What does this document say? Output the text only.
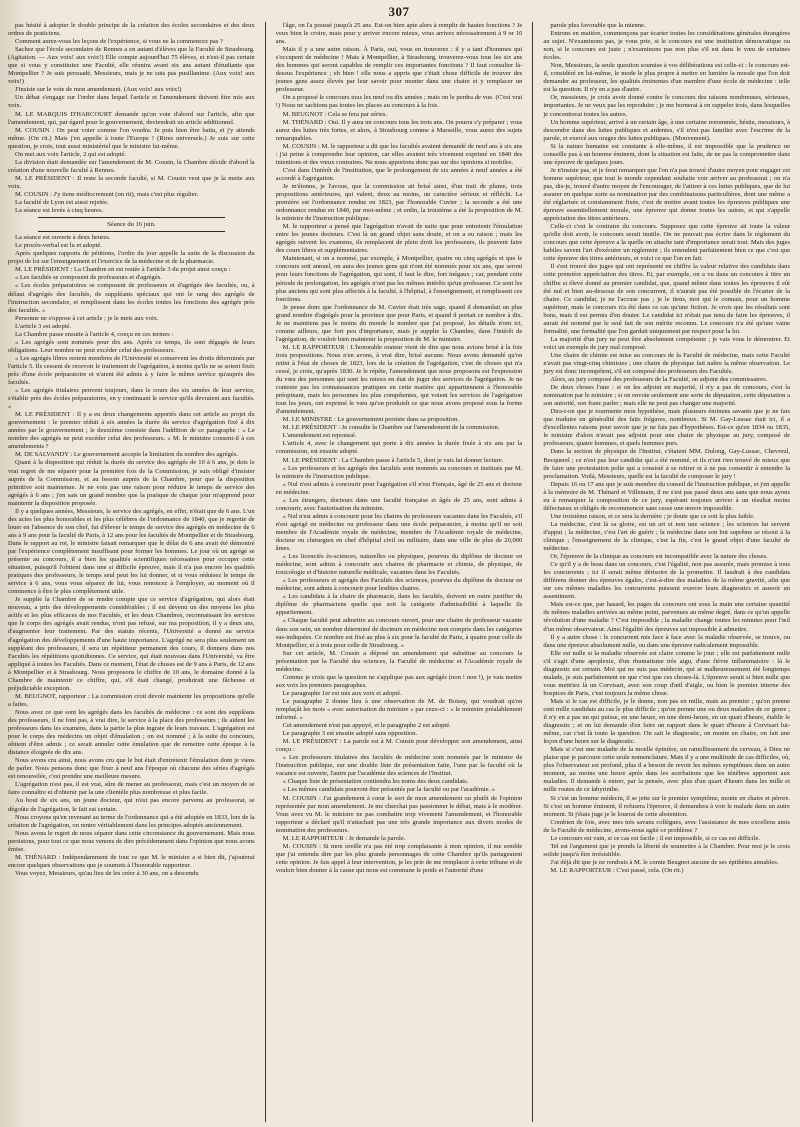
307

pas hésité à adopter le double principe de la création des écoles secondaires et des deux ordres de praticiens.

Comment aurez-vous les leçons de l'expérience, si vous ne la commencez pas ?

Sachez que l'école secondaire de Rennes a en autant d'élèves que la Faculté de Strasbourg. (Agitation. — Aux voix! aux voix!) Elle compte aujourd'hui 75 élèves, et n'est-il pas certain que si vous y constituiez une Faculté, elle réunira avant six ans autant d'étudiants que Montpellier ? Je suis persuadé, Messieurs, mais je ne suis pas pusillanime. (Aux voix! aux voix!)

J'insiste sur le vote de mon amendement. (Aux voix! aux voix!)

Un débat s'engage sur l'ordre dans lequel l'article et l'amendement doivent être mis aux voix.

M. LE MARQUIS D'HARCOURT demande qu'on vote d'abord sur l'article, afin que l'amendement, qui, par égard pour le gouvernement, deviendrait un article additionnel.

M. COUSIN : On peut voter comme l'on voudra. Je puis bien être battu, et j'y attends même. (On rit.) Mais j'en appelle à toute l'Europe ! (Rires universels.) Je suis sur cette question, je crois, tout aussi ministériel que le ministre lui-même.

On met aux voix l'article, 2 qui est adopté.

La division était demandée sur l'amendement de M. Cousin, la Chambre décide d'abord la création d'une nouvelle faculté à Rennes.

M. LE PRÉSIDENT : Il reste la seconde faculté, si M. Cousin veut que je la mette aux voix.

M. COUSIN : J'y tiens médiocrement (on rit), mais c'est plus régulier.

La faculté de Lyon est aussi rejetée.

La séance est levée à cinq heures.

Séance du 16 juin.

La séance est ouverte à deux heures.

Le procès-verbal est lu et adopté.

Après quelques rapports de pétitions, l'ordre du jour appelle la suite de la discussion du projet de loi sur l'enseignement et l'exercice de la médecine et de la pharmacie.

M. LE PRÉSIDENT : La Chambre en est restée à l'article 3 du projet ainsi conçu :

« Les facultés se composent de professeurs et d'agrégés.

« Les écoles préparatoires se composent de professeurs et d'agrégés des facultés, ou, à défaut d'agrégés des facultés, de suppléants spéciaux qui ont le rang des agrégés de l'instruction secondaire, et remplissent dans les écoles toutes les fonctions des agrégés près des facultés. »

Personne ne s'oppose à cet article ; je le mets aux voix.

L'article 3 est adopté.

La Chambre passe ensuite à l'article 4, conçu en ces termes :

« Les agrégés sont nommés pour dix ans. Après ce temps, ils sont dégagés de leurs obligations. Leur nombre ne peut excéder celui des professeurs.

« Les agrégés libres restent membres de l'Université et conservent les droits déterminés par l'article 5. Ils cessent de recevoir le traitement de l'agrégation, à moins qu'ils ne se soient fixés près d'une école préparatoire et n'aient été admis à y faire le même service qu'auprès des facultés.

« Les agrégés titulaires peuvent toujours, dans le cours des six années de leur service, s'établir près des écoles préparatoires, en y continuant le service qu'ils devraient aux facultés. »

M. LE PRÉSIDENT : Il y a eu deux changements apportés dans cet article au projet du gouvernement : le premier réduit à six années la durée du service d'agrégation fixé à dix années par le gouvernement ; le deuxième consiste dans l'addition de ce paragraphe : « Le nombre des agrégés ne peut excéder celui des professeurs. » M. le ministre consent-il à ces amendements ?

M. DE SALVANDY : Le gouvernement accepte la limitation du nombre des agrégés.

Quant à la disposition qui réduit la durée du service des agrégés de 10 à 6 ans, je dois le vrai regret de me séparer pour la première fois de la Commission, je suis obligé d'insister auprès de la Commission, et au besoin auprès de la Chambre, pour que la disposition primitive soit maintenue. Je ne vois pas une raison pour réduire le temps de service des agrégés à 6 ans ; j'en sais un grand nombre que la pratique de chaque jour m'apprend pour maintenir la disposition proposée.

Il y a quelques années, Messieurs, le service des agrégés, en effet, n'était que de 6 ans. L'un des actes les plus honorables et les plus célèbres de l'ordonnance de 1840, que je regrette de louer en l'absence de son chef, fut d'élever le temps de service des agrégés en médecine de 6 ans à 9 ans pour la faculté de Paris, à 12 ans pour les facultés de Montpellier et de Strasbourg. Dans le rapport au roi, le ministre faisait remarquer que le délai de 6 ans avait été démontré par l'expérience complètement insuffisant pour former les hommes. Le jour où un agrégé se présente au concours, il a bien les qualités scientifiques nécessaires pour occuper cette situation, puisqu'il l'obtient dans une si difficile épreuve, mais il n'a pas encore les qualités pratiques des professeurs, le temps seul peut les lui donner, et si vous réduisez le temps de service à 6 ans, vous vous séparez de lui, vous renoncez à l'employer, au moment où il commence à être le plus complètement utile.

Je supplie la Chambre de se rendre compte que ce service d'agrégation, qui alors était nouveau, a pris des développements considérables ; il est devenu un des moyens les plus actifs et les plus efficaces de nos Facultés, et les deux Chambres, reconnaissant les services que le corps des agrégés avait rendus, n'ont pas refusé, sur ma proposition, il y a deux ans, d'augmenter leur traitement. Par des statuts récents, l'Université a donné au service d'agrégation des développements d'une haute importance. L'agrégé ne sera plus seulement un suppléant des professeurs, il sera un répétiteur permanent des cours, il donnera dans nos Facultés les répétitions quotidiennes. Ce service, qui était nouveau dans l'Université, va être appliqué à toutes les Facultés. Dans ce moment, l'état de choses est de 9 ans à Paris, de 12 ans à Montpellier et à Strasbourg. Nous proposons le chiffre de 10 ans, le domaine donné à la Chambre de maintenir ce chiffre, qui, s'il était changé, produirait une fâcheuse et préjudiciable exception.

M. BEUGNOT, rapporteur : La commission croit devoir maintenir les propositions qu'elle a faites.

Nous avez ce que sont les agrégés dans les facultés de médecine : ce sont des suppléans des professeurs, il ne font pas, à vrai dire, le service à la place des professeurs ; ils aident les professeurs dans les examens, dans la partie la plus ingrate de leurs travaux. L'agrégation est pour le corps des médecins un objet d'émulation ; on est nommé ; à la suite du concours, obtient d'être admis ; ce serait annuler cette émulation que de remettre cette époque à la distance éloignée de dix ans.

Nous avons cru ainsi, nous avons cru que le but était d'entretenir l'émulation dont je viens de parler. Nous pensons donc que fixer à neuf ans l'époque où chacune des séries d'agrégés est renouvelée, c'est prendre une meilleure mesure.

L'agrégation n'est pas, il est vrai, sûre de mener au professorat, mais c'est un moyen de se faire connaître et d'obtenir par la une clientèle plus nombreuse et plus facile.

Au bout de six ans, un jeune docteur, qui n'est pas encore parvenu au professorat, se dégoûte de l'agrégation, le fait est certain.

Nous croyons qu'en revenant au terme de l'ordonnance qui a été adoptée en 1833, lors de la création de l'agrégation, on rentre véritablement dans les principes adoptés anciennement.

Nous avons le regret de nous séparer dans cette circonstance du gouvernement. Mais nous persistons, pour tout ce que nous venons de dire précédemment dans l'opinion que nous avons émise.

M. THÉNARD : Indépendamment de tout ce que M. le ministre a si bien dit, j'ajouterai encore quelques observations que je soumets à l'honorable rapporteur.

Vous voyez, Messieurs, qu'au lieu de les créer à 30 ans, on a descendu

l'âge, on l'a poussé jusqu'à 25 ans. Est-on bien apte alors à remplir de hautes fonctions ? Je veux bien le croire, mais pour y arriver encore mieux, vous arrivez nécessairement à 9 or 10 ans.

Mais il y a une autre raison. À Paris, oui, vous en trouverez : il y a tant d'hommes qui s'occupent de médecine ! Mais à Montpellier, à Strasbourg, trouverez-vous tous les six ans des hommes qui seront capables de remplir ces importantes fonctions ? Il faut consulter là-dessus l'expérience ; eh bien ! elle nous a appris que c'était chose difficile de trouver des jeunes gens assez élevés par leur savoir pour monter dans une chaire et y remplacer un professeur.

On a proposé le concours tous les neuf ou dix années ; mais on le perdra de vue. (C'est vrai !) Nous ne sachions pas toutes les places au concours à la fois.

M. BEUGNOT : Cela se fera par séries.

M. THÉNARD : Oui. Il y aura un concours tous les trois ans. On pourra s'y préparer ; vous aurez des luttes très fortes, et alors, à Strasbourg comme à Marseille, vous aurez des sujets remarquables.

M. COUSIN : M. le rapporteur a dit que les facultés avaient demandé de neuf ans à six ans : j'ai peine à comprendre leur opinion, car elles avaient très vivement exprimé en 1840 des intentions et des vœux contraires. Ne nous apportons donc pas sur des opinions si mobiles.

C'est dans l'intérêt de l'institution, que le prolongement de six années à neuf années a été accordé à l'agrégation.

Je m'étonne, je l'avoue, que la commission ait brisé ainsi, d'un trait de plume, trois propositions antérieures, qui valent, deux au moins, un caractère sérieux et réfléchi. La première est l'ordonnance rendue en 1823, par l'honorable Cuvier ; la seconde a été une ordonnance rendue en 1840, par moi-même ; et enfin, la troisième a été la proposition de M. le ministre de l'instruction publique.

M. le rapporteur a pensé que l'agrégation n'avait de suite que pour entretenir l'émulation entre les jeunes docteurs. C'est là un grand objet sans doute, et on a eu raison ; mais les agrégés suivent les examens, ils remplacent de plein droit les professeurs, ils peuvent faire des cours libres et supplémentaires.

Maintenant, si on a nommé, par exemple, à Montpellier, quatre ou cinq agrégés et que le concours soit annuel, on aura des jeunes gens qui n'ont été nommés pour six ans, que seront pour leurs fonctions de l'agrégation, qui sont, il faut le dire, fort inégaux ; car, pendant cette période de prolongation, les agrégés n'ont pas les mêmes intérêts qu'un professeur. Ce sont les plus anciens qui sont plus affectés à la faculté, à l'hôpital, à l'enseignement, et remplissent ces fonctions.

Je pense donc que l'ordonnance de M. Cuvier était très sage, quand il demandait un plus grand nombre d'agrégés pour la province que pour Paris, et quand il portait ce nombre à dix. Je ne maintiens pas le moins du monde le nombre que j'ai proposé, les détails n'ont ici, comme ailleurs, que fort peu d'importance, mais je supplie la Chambre, dans l'intérêt de l'agrégation, de vouloir bien maintenir la proposition de M. le ministre.

M. LE RAPPORTEUR : L'honorable orateur vient de dire que nous avions brisé à la fois trois propositions. Nous n'en avons, à vrai dire, brisé aucune. Nous avons demandé qu'on retint à l'état de choses de 1823, lors de la création de l'agrégation, c'est de choses qui n'a cessé, je crois, qu'après 1830. Je le répète, l'amendement que nous proposons est l'expression du vœu des personnes qui sont les mieux en état de juger des services de l'agrégation. Je ne conteste pas les connaissances pratiques en cette matière qui appartiennent à l'honorable préopinant, mais les personnes les plus compétentes, qui voient les services de l'agrégation tous les jours, ont exprimé le vœu qu'on produisît ce que nous avons proposé sous la forme d'amendement.

M. LE MINISTRE : Le gouvernement persiste dans sa proposition.

M. LE PRÉSIDENT : Je consulte la Chambre sur l'amendement de la commission.

L'amendement est repoussé.

L'article 4, avec le changement qui porte à dix années la durée fixée à six ans par la commission, est ensuite adopté.

M. LE PRÉSIDENT : La Chambre passe à l'article 5, dont je vais lui donner lecture.

« Les professeurs et les agrégés des facultés sont nommés au concours et institués par M. le ministre de l'instruction publique.

« Nul n'est admis à concourir pour l'agrégation s'il n'est Français, âgé de 25 ans et docteur en médecine.

« Les étrangers, docteurs dans une faculté française et âgés de 25 ans, sont admis à concourir, avec l'autorisation du ministre.

« Nul n'est admis à concourir pour les chaires de professeurs vacantes dans les Facultés, s'il n'est agrégé en médecine ou professeur dans une école préparatoire, à moins qu'il ne soit membre de l'Académie royale de médecine, membre de l'Académie royale de médecine, docteur ou chirurgien en chef d'hôpital civil ou militaire, dans une ville de plus de 20,000 âmes.

« Les licenciés ès-sciences, naturelles ou physiques, pourvus du diplôme de docteur en médecine, sont admis à concourir aux chaires de pharmacie et chimie, de physique, de toxicologie et d'histoire naturelle médicale, vacantes dans les Facultés.

« Les professeurs et agrégés des Facultés des sciences, pourvus du diplôme de docteur en médecine, sont admis à concourir pour lesdites chaires.

« Les candidats à la chaire de pharmacie, dans les facultés, doivent en outre justifier du diplôme de pharmaciens quelle que soit la catégorie d'admissibilité à laquelle ils appartiennent.

« Chaque faculté peut admettre au concours ouvert, pour une chaire de professeur vacante dans son sein, un nombre déterminé de docteurs en médecine non compris dans les catégories sus-indiquées. Ce nombre est fixé au plus à six pour la faculté de Paris, à quatre pour celle de Montpellier, et à trois pour celle de Strasbourg. »

Sur cet article, M. Cousin a déposé un amendement qui substitue au concours la présentation par la Faculté des sciences, la Faculté de médecine et l'Académie royale de médecine.

Comme je crois que la question ne s'applique pas aux agrégés (non ! non !), je vais mettre aux voix les premiers paragraphes.

Le paragraphe 1er est mis aux voix et adopté.

Le paragraphe 2 donne lieu à une observation de M. de Boissy, qui voudrait qu'on remplaçât les mots « avec autorisation du ministre » par ceux-ci : « le ministre préalablement informé. »

Cet amendement n'est pas appuyé, et le paragraphe 2 est adopté.

Le paragraphe 3 est ensuite adopté sans opposition.

M. LE PRÉSIDENT : La parole est à M. Cousin pour développer son amendement, ainsi conçu :

« Les professeurs titulaires des facultés de médecine sont nommés par le ministre de l'instruction publique, sur une double liste de présentation faite, l'une par la faculté où la vacance est ouverte, l'autre par l'académie des sciences de l'Institut.

« Chaque liste de présentation contiendra les noms des deux candidats.

« Les mêmes candidats pourront être présentés par la faculté ou par l'académie. »

M. COUSIN : J'ai grandement à cœur le sort de mon amendement ou plutôt de l'opinion représentée par mon amendement. Je me cherchai pas passionner le débat, mais à le modérer. Vous avez vu M. le ministre ne pas combattre trop vivement l'amendement, et l'honorable rapporteur a déclaré qu'il n'attachait pas une très grande importance aux divers modes de nomination des professeurs.

M. LE RAPPORTEUR : Je demande la parole.

M. COUSIN : Si mon oreille n'a pas été trop complaisante à mon opinion, il me semble que j'ai entendu dire par les plus grands personnages de cette Chambre qu'ils partageaient cette opinion. Je fais appel à leur intervention, je les prie de me remplacer à cette tribune et de vouloir bien donner à la cause qui nous est commune le poids et l'autorité d'une

parole plus favorable que la mienne.

Entrons en matière, commençons par écarter toutes les considérations générales étrangères au sujet. N'examinons pas, je vous prie, si le concours est une institution démocratique ou non, si le concours est juste ; n'examinons pas non plus s'il est dans le vœu de certaines écoles.

Non, Messieurs, la seule question soumise à vos délibérations est celle-ci : le concours est-il, considéré en lui-même, le mode le plus propre à mettre en lumière la morale que l'on doit demander au professeur, les qualités éminentes d'un membre d'une école de médecine : telle est la question. Il n'y en a pas d'autre.

Or, messieurs, je crois avoir donné contre le concours des raisons nombreuses, sérieuses, importantes. Je ne veux pas les reproduire ; je me bornerai à en rappeler trois, dans lesquelles je concentrerai toutes les autres.

Un homme supérieur, arrivé à un certain âge, à une certaine renommée, hésite, messieurs, à descendre dans des luttes publiques et ardentes, s'il n'est pas familier avec l'escrime de la parole, et exercé aux orages des luttes publiques. (Mouvement).

Si la nature humaine est constante à elle-même, il est impossible que la prudence ne conseille pas à un homme éminent, dont la situation est faite, de ne pas la compromettre dans une épreuve de quelques jours.

Je n'insiste pas, et je ferai remarquer que l'on n'a pas trouvé d'autre moyen pour engager cet homme supérieur, que tout le monde cependant souhaite voir arriver au professorat ; on n'a pas, dis-je, trouvé d'autre moyen de l'encourager, de l'attirer à ces luttes publiques, que de lui assurer en quelque sorte sa nomination par des combinaisons particulières, dont une même a été réglariséc et constamment fixée, c'est de mettre avant toutes les épreuves publiques une épreuve essentiellement morale, une épreuve qui donne toutes les autres, et qui s'appelle appréciation des titres antérieurs.

Celle-ci c'est le contraire du concours. Supposez que cette épreuve ait toute la valeur qu'elle doit avoir, le concours serait inutile. On ne pouvait pas écrire dans le règlement du concours que cette épreuve a la quelle on attache tant d'importance serait tout. Mais des juges habiles savent l'art d'exécuter un règlement ; ils entendent parfaitement bien ce que c'est que cette épreuve des titres antérieurs, et voici ce que l'on en fait.

Il s'est trouvé des juges qui ont représenté en chiffre la valeur relative des candidats dans cette première appréciation des titres. Et, par exemple, on a vu dans un concours à titre un chiffre si élevé donné au premier candidat, que, quand même dans toutes les épreuves il eût été nul et bien au-dessous de son concurrent, il n'aurait pas été possible de l'écarter de la chaire. Ce candidat, je ne l'accuse pas ; je le tiens, moi qui le connais, pour un homme supérieur, mais le concours n'a été dans ce cas qu'une fiction. Je crois que les résultats sont bons, mais il est permis d'en douter. Le candidat ici n'était pas tenu de faire les épreuves, il aurait été nommé par le seul fait de son mérite reconnu. Le concours n'a été qu'une vaine formalité, une formalité que l'on gardait uniquement par respect pour la loi.

La majorité d'un jury ne peut être absolument compétente ; je vais vous le démontrer. Et voici un exemple de jury mal composé.

Une chaire de chimie est mise au concours de la Faculté de médecine, mais cette Faculté n'avait pas vingt-cinq chimistes ; une chaire de physique fait naître la même observation. Le jury est donc incompétent, s'il est composé des professeurs des Facultés.

Alors, au jury composé des professeurs de la Faculté, on adjoint des commissaires.

De deux choses l'une : si on les adjoint en majorité, il n'y a pas de concours, c'est la nomination par le ministre ; si on envoie seulement une sorte de députation, cette députation a son autorité, son franc parler ; mais elle ne peut pas changer une majorité.

Dira-t-on que je tourmente mon hypothèse, mais plusieurs éminens savants que je ne fais que traduire en généralité des faits frégures, nombreux. Si M. Gay-Lussac était ici, il a d'excellentes raisons pour savoir que je ne fais pas d'hypothèses. Est-ce qu'en 1834 ou 1835, le ministre d'alors n'avait pas adjoint pour une chaire de physique au jury, composé de professeurs, quatre hommes, et quels hommes purs.

Dans la section de physique de l'Institut, c'étaient MM. Dulong, Gay-Lussac, Chevreul, Becquerel ; ce n'est pas leur candidat qui a été nommé, et ils n'ont rien trouvé de mieux que de faire une protestation polie qui a consisté à se retirer et à ne pas consentir à entendre la proclamation. Voilà, Messieurs, quelle est la faculté de composer le jury !

Depuis 16 ou 17 ans que je suis membre du conseil de l'instruction publique, et j'en appelle à la mémoire de M. Thénard et Villemain, il ne s'est pas passé deux ans sans que nous ayons eu à remarquer la composition de ce jury, espérant toujours arriver à un résultat moins défectueux et obligés de recommencer sans cesse une œuvre impossible.

Une troisième raison, et ce sera la dernière ; je doute que ce soit la plus faible.

La médecine, c'est là sa gloire, est un art et non une science ; les sciences lui servent d'appui ; la médecine, c'est l'art de guérir ; la médecine dans son but suprême se résout à la clinique ; l'enseignement de la clinique, c'est la fin, c'est le grand objet d'une faculté de médecine.

Or, l'épreuve de la clinique au concours est incompatible avec la nature des choses.

Ce qu'il y a de beau dans un concours, c'est l'égalité, non pas assurée, mais promise à tous les concurrents ; ici il serait même dérisoire de la promettre. Il faudrait à des candidats différens donner des épreuves égales, c'est-à-dire des maladies de la même gravité, afin que sur ces mêmes maladies les concurrents puissent exercer leurs diagnostics et asseoir un assentiment.

Mais est-ce que, par hasard, les pages du concours ont sous la main une certaine quantité de mêmes maladies arrivées au même point, parvenues au même degré, dans ce qu'on appelle révolution d'une maladie ? C'est impossible ; la maladie change toutes les minutes pour l'œil d'un même observateur. Ainsi l'égalité des épreuves est impossible à admettre.

Il y a autre chose : le concurrent mis face à face avec la maladie observée, se trouve, ou dans une épreuve absolument nulle, ou dans une épreuve radicalement impossible.

Elle est nulle si la maladie observée est claire comme le jour ; elle est parfaitement nulle s'il s'agit d'une apoplexie, d'un rhumatisme très aigu, d'une fièvre inflammatoire : là le diagnostic est certain. Moi qui ne suis pas médecin, qui ai malheureusement été longtemps malade, je suis parfaitement en que c'est que ces choses-là. L'épreuve serait si bien nulle que vous mettriez là un Corvisart, avec son coup d'œil d'aigle, ou bien le premier interne des hospices de Paris, c'est toujours la même chose.

Mais si le cas est difficile, je le donne, non pas en mille, mais au premier ; qu'on prenne cent mille candidats au cas le plus difficile ; qu'on prenne une ou deux maladies de ce genre ; il n'y en a pas un qui puisse, en une heure, en une demi-heure, en un quart d'heure, établir le diagnostic ; et on lui demande d'en faire un rapport dans le quart d'heure à Corvisart lui-même, car c'est là toute la question. On sait le diagnostic, on monte en chaire, on fait une leçon d'une heure sur le diagnostic.

Mais si c'est une maladie de la moelle épinière, un ramollissement du cerveau, à Dieu ne plaise que je parcoure cette seule nomenclature. Mais il y a une multitude de cas difficiles, où, plus l'observateur est profond, plus il a besoin de revoir les mêmes symptômes dans un autre moment, au moins une heure après dans les acerbations que les ténèbres apportent aux maladies. Il demande à entrer, par la pensée, avec plus d'un quart d'heure dans les mille et mille routes de ce labyrinthe.

Si c'est un homme médecin, il se jette sur le premier symptôme, monte en chaire et pérore. Si c'est un homme éminent, il refusera l'épreuve, il demandera à voir le malade dans un autre moment. Si j'étais juge je le louerai de cette abstention.

Combien de fois, avec mes très savans collègues, avec l'assistance de mes excellens amis de la Faculté de médecine, avons-nous agité ce problème ?

Le concours est vain, si ce cas est facile ; il est impossible, si ce cas est difficile.

Tel est l'argument que je prends la liberté de soumettre à la Chambre. Pour moi je le crois solide jusqu'à être irrésistible.

J'ai déjà dit que je ne rendrais à M. le comte Beugnot aucune de ses épithètes aimables.

M. LE RAPPORTEUR : C'est passé, cela. (On rit.)
